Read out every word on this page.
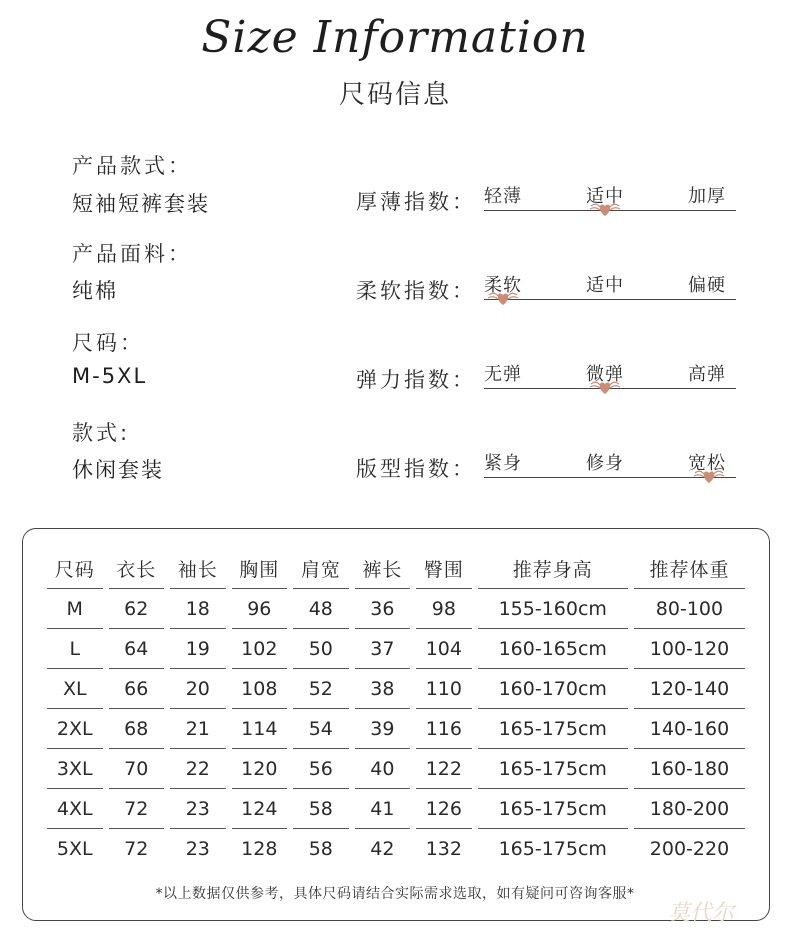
Size Information
尺码信息
产品款式：
短袖短裤套装
产品面料：
纯棉
尺码：
M-5XL
款式:
休闲套装
厚薄指数： 轻薄	适中	加厚
柔软指数： 柔软	适中	偏硬
弹力指数： 无弹	微弹	高弹
版型指数： 紧身	修身	宽松
尺码	衣长	袖长	胸围	肩宽	裤长	臀围	推荐身高	推荐体重
M	62	18	96	48	36	98	155-160cm	80-100
L	64	19	102	50	37	104	160-165cm	100-120
XL	66	20	108	52	38	110	160-170cm	120-140
2XL	68	21	114	54	39	116	165-175cm	140-160
3XL	70	22	120	56	40	122	165-175cm	160-180
4XL	72	23	124	58	41	126	165-175cm	180-200
5XL	72	23	128	58	42	132	165-175cm	200-220
*以上数据仅供参考，具体尺码请结合实际需求选取，如有疑问可咨询客服*
莫代尔
